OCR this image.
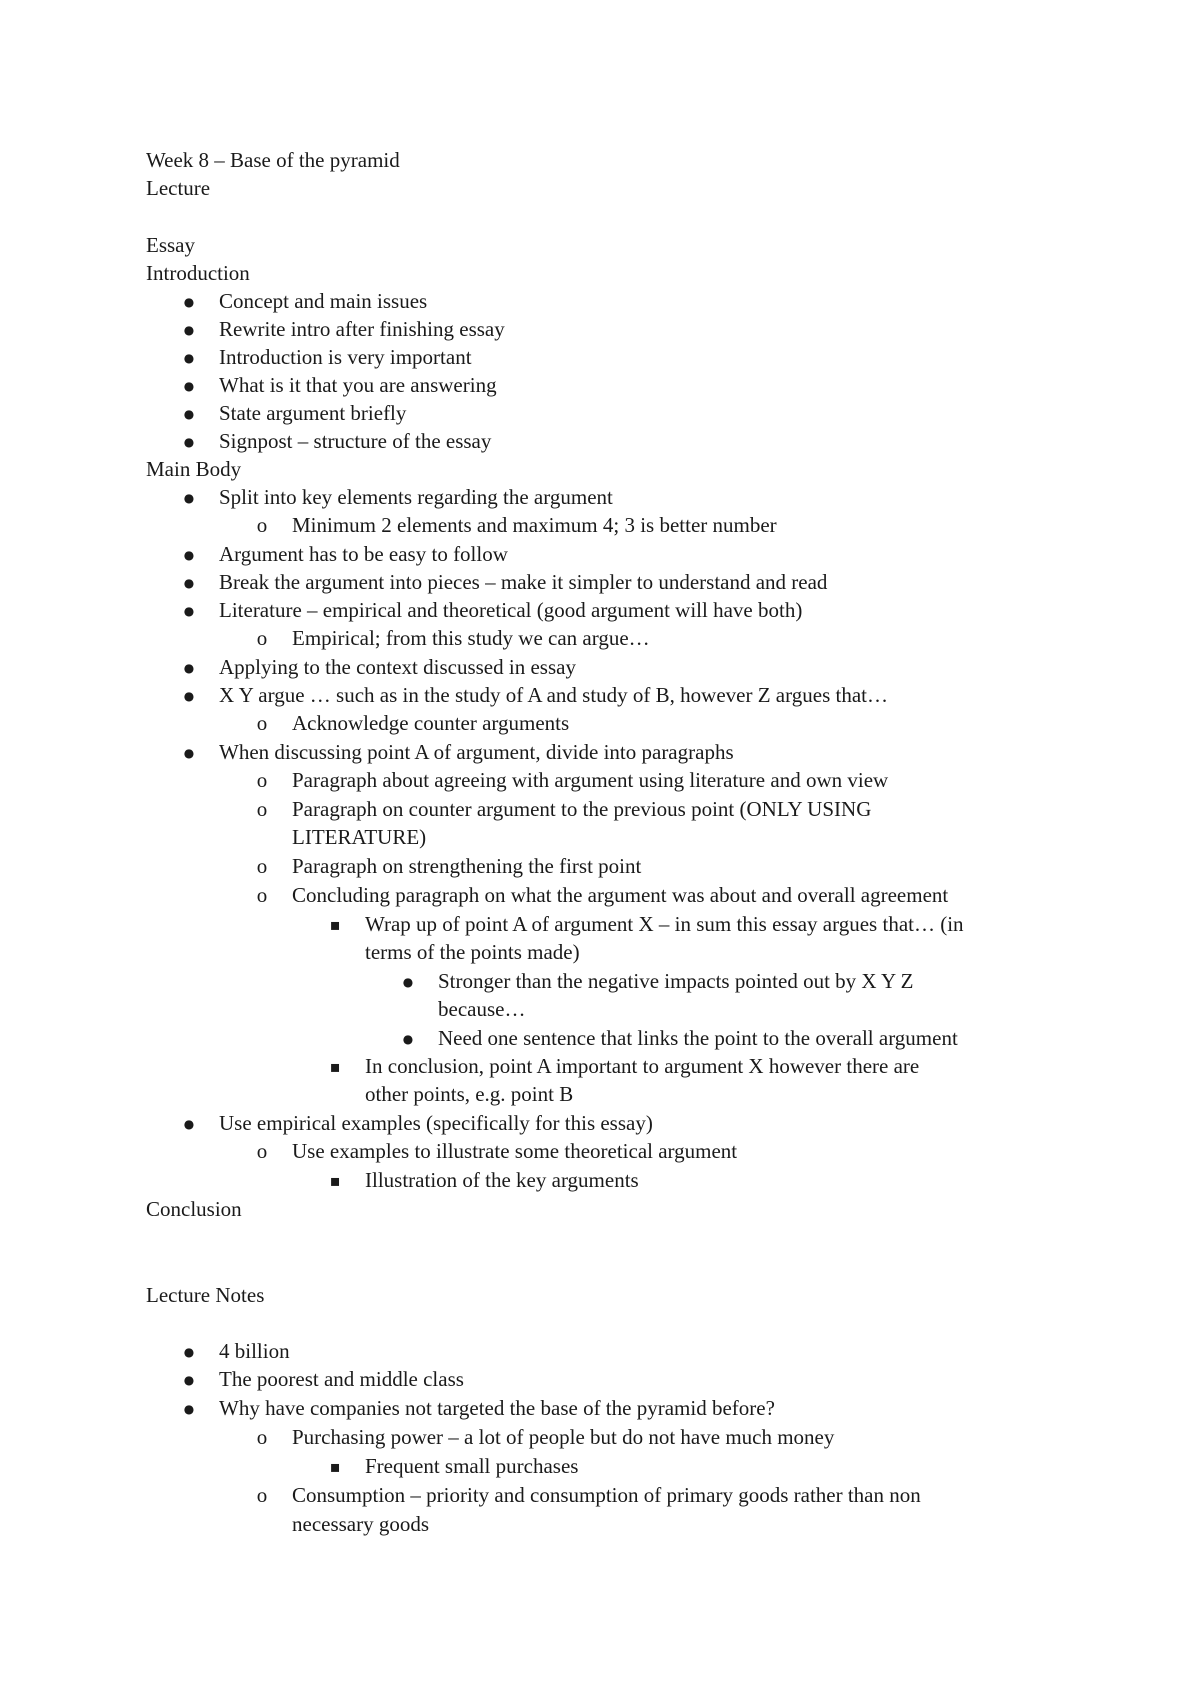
Week 8 – Base of the pyramid
Lecture
Essay
Introduction
●
Concept and main issues
●
Rewrite intro after finishing essay
●
Introduction is very important
●
What is it that you are answering
●
State argument briefly
●
Signpost – structure of the essay
Main Body
●
Split into key elements regarding the argument
o
Minimum 2 elements and maximum 4; 3 is better number
●
Argument has to be easy to follow
●
Break the argument into pieces – make it simpler to understand and read
●
Literature – empirical and theoretical (good argument will have both)
o
Empirical; from this study we can argue…
●
Applying to the context discussed in essay
●
X Y argue … such as in the study of A and study of B, however Z argues that…
o
Acknowledge counter arguments
●
When discussing point A of argument, divide into paragraphs
o
Paragraph about agreeing with argument using literature and own view
o
Paragraph on counter argument to the previous point (ONLY USING
LITERATURE)
o
Paragraph on strengthening the first point
o
Concluding paragraph on what the argument was about and overall agreement
▪
Wrap up of point A of argument X – in sum this essay argues that… (in
terms of the points made)
●
Stronger than the negative impacts pointed out by X Y Z
because…
●
Need one sentence that links the point to the overall argument
▪
In conclusion, point A important to argument X however there are
other points, e.g. point B
●
Use empirical examples (specifically for this essay)
o
Use examples to illustrate some theoretical argument
▪
Illustration of the key arguments
Conclusion
Lecture Notes
●
4 billion
●
The poorest and middle class
●
Why have companies not targeted the base of the pyramid before?
o
Purchasing power – a lot of people but do not have much money
▪
Frequent small purchases
o
Consumption – priority and consumption of primary goods rather than non
necessary goods
